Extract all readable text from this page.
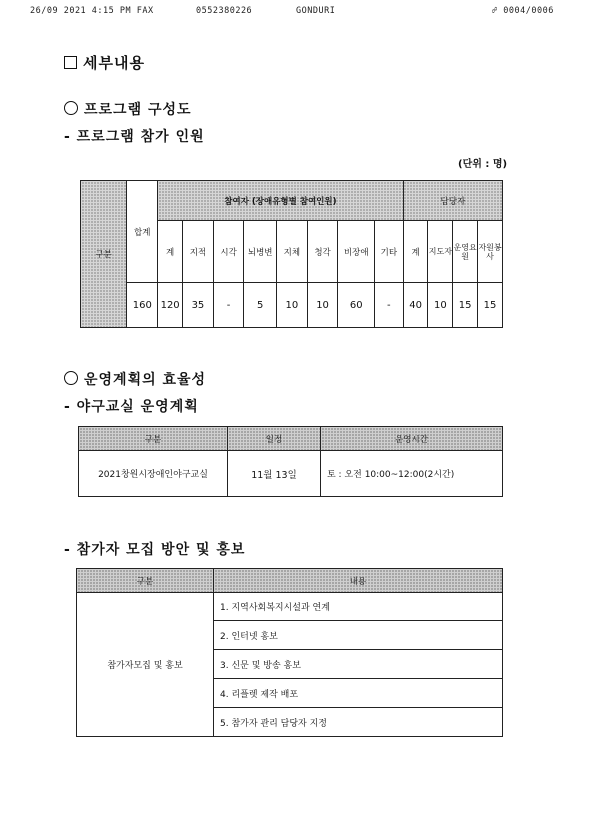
26/09 2021 4:15 PM FAX	0552380226	GONDURI	☍ 0004/0006
세부내용
프로그램 구성도
- 프로그램 참가 인원
(단위 : 명)
구분	합계	참여자 (장애유형별 참여인원)								담당자			
		계	지적	시각	뇌병변	지체	청각	비장애	기타	계	지도자	운영요원	자원봉사
	160	120	35	-	5	10	10	60	-	40	10	15	15
운영계획의 효율성
- 야구교실 운영계획
구분	일정	운영시간
2021창원시장애인야구교실	11월 13일	토 : 오전 10:00~12:00(2시간)
- 참가자 모집 방안 및 홍보
구분	내용
참가자모집 및 홍보	1. 지역사회복지시설과 연계
	2. 인터넷 홍보
	3. 신문 및 방송 홍보
	4. 리플렛 제작 배포
	5. 참가자 관리 담당자 지정
